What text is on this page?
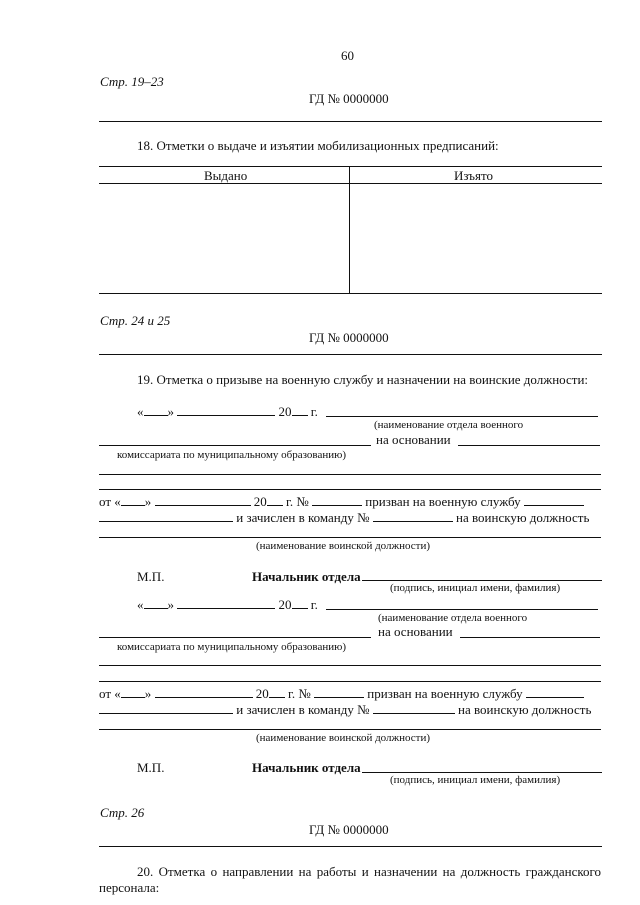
60
Стр. 19–23
ГД № 0000000
18. Отметки о выдаче и изъятии мобилизационных предписаний:
Выдано	Изъято
Стр. 24 и 25
ГД № 0000000
19. Отметка о призыве на военную службу и назначении на воинские должности:
« »	20 г.
(наименование отдела военного
на основании
комиссариата по муниципальному образованию)
от « »	20 г. №	призван на военную службу
и зачислен в команду №	на воинскую должность
(наименование воинской должности)
М.П.	Начальник отдела
(подпись, инициал имени, фамилия)
« »	20 г.
(наименование отдела военного
на основании
комиссариата по муниципальному образованию)
от « »	20 г. №	призван на военную службу
и зачислен в команду №	на воинскую должность
(наименование воинской должности)
М.П.	Начальник отдела
(подпись, инициал имени, фамилия)
Стр. 26
ГД № 0000000
20. Отметка о направлении на работы и назначении на должность гражданского
персонала:
